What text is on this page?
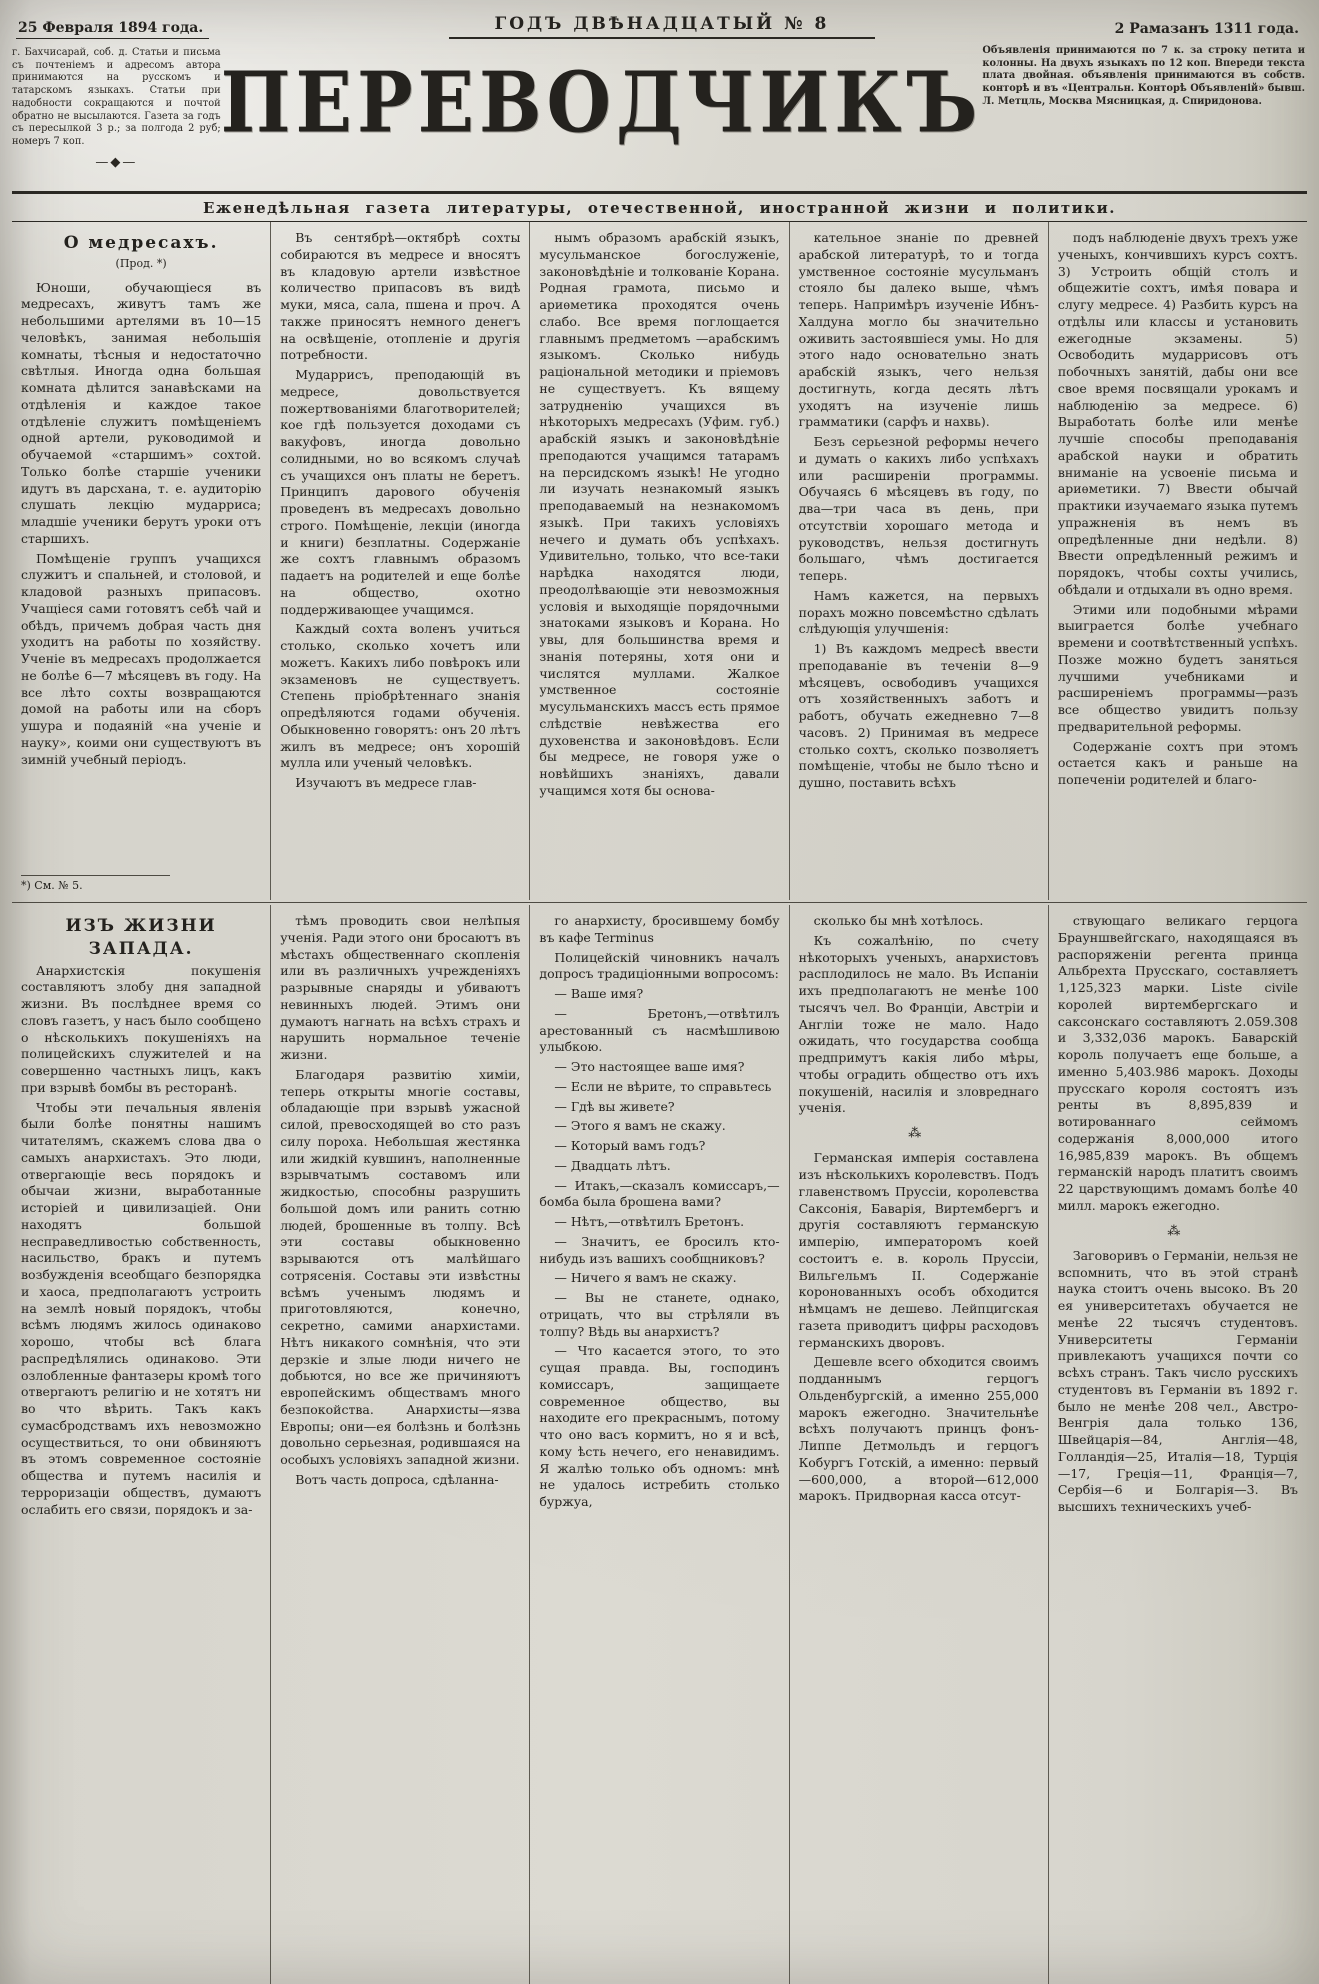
25 Февраля 1894 года.	ГОДЪ ДВѢНАДЦАТЫЙ № 8	2 Рамазанъ 1311 года.

г. Бахчисарай, соб. д. Статьи и письма съ почтеніемъ и адресомъ автора принимаются на русскомъ и татарскомъ языкахъ. Статьи при надобности сокращаются и почтой обратно не высылаются. Газета за годъ съ пересылкой 3 р.; за полгода 2 руб; номеръ 7 коп.

—◆—
ПЕРЕВОДЧИКЪ

Объявленія принимаются по 7 к. за строку петита и колонны. На двухъ языкахъ по 12 коп. Впереди текста плата двойная. объявленія принимаются въ собств. конторѣ и въ «Центральн. Конторѣ Объявленій» бывш. Л. Метцль, Москва Мясницкая, д. Спиридонова.

Еженедѣльная газета литературы, отечественной, иностранной жизни и политики.
О медресахъ.
(Прод. *)

Юноши, обучающіеся въ медресахъ, живутъ тамъ же небольшими артелями въ 10—15 человѣкъ, занимая небольшія комнаты, тѣсныя и недостаточно свѣтлыя. Иногда одна большая комната дѣлится занавѣсками на отдѣленія и каждое такое отдѣленіе служитъ помѣщеніемъ одной артели, руководимой и обучаемой «старшимъ» сохтой. Только болѣе старшіе ученики идутъ въ дарсхана, т. е. аудиторію слушать лекцію мударриса; младшіе ученики берутъ уроки отъ старшихъ.

Помѣщеніе группъ учащихся служитъ и спальней, и столовой, и кладовой разныхъ припасовъ. Учащіеся сами готовятъ себѣ чай и обѣдъ, причемъ добрая часть дня уходитъ на работы по хозяйству. Ученіе въ медресахъ продолжается не болѣе 6—7 мѣсяцевъ въ году. На все лѣто сохты возвращаются домой на работы или на сборъ ушура и подаяній «на ученіе и науку», коими они существуютъ въ зимній учебный періодъ.

*) См. № 5.

Въ сентябрѣ—октябрѣ сохты собираются въ медресе и вносятъ въ кладовую артели извѣстное количество припасовъ въ видѣ муки, мяса, сала, пшена и проч. А также приносятъ немного денегъ на освѣщеніе, отопленіе и другія потребности.

Мударрисъ, преподающій въ медресе, довольствуется пожертвованіями благотворителей; кое гдѣ пользуется доходами съ вакуфовъ, иногда довольно солидными, но во всякомъ случаѣ съ учащихся онъ платы не беретъ. Принципъ дарового обученія проведенъ въ медресахъ довольно строго. Помѣщеніе, лекціи (иногда и книги) безплатны. Содержаніе же сохтъ главнымъ образомъ падаетъ на родителей и еще болѣе на общество, охотно поддерживающее учащимся.

Каждый сохта воленъ учиться столько, сколько хочетъ или можетъ. Какихъ либо повѣрокъ или экзаменовъ не существуетъ. Степень пріобрѣтеннаго знанія опредѣляются годами обученія. Обыкновенно говорятъ: онъ 20 лѣтъ жилъ въ медресе; онъ хорошій мулла или ученый человѣкъ.

Изучаютъ въ медресе глав-

нымъ образомъ арабскій языкъ, мусульманское богослуженіе, законовѣдѣніе и толкованіе Корана. Родная грамота, письмо и ариѳметика проходятся очень слабо. Все время поглощается главнымъ предметомъ —арабскимъ языкомъ. Сколько нибудь раціональной методики и пріемовъ не существуетъ. Къ вящему затрудненію учащихся въ нѣкоторыхъ медресахъ (Уфим. губ.) арабскій языкъ и законовѣдѣніе преподаются учащимся татарамъ на персидскомъ языкѣ! Не угодно ли изучать незнакомый языкъ преподаваемый на незнакомомъ языкѣ. При такихъ условіяхъ нечего и думать объ успѣхахъ. Удивительно, только, что все-таки нарѣдка находятся люди, преодолѣвающіе эти невозможныя условія и выходящіе порядочными знатоками языковъ и Корана. Но увы, для большинства время и знанія потеряны, хотя они и числятся муллами. Жалкое умственное состояніе мусульманскихъ массъ есть прямое слѣдствіе невѣжества его духовенства и законовѣдовъ. Если бы медресе, не говоря уже о новѣйшихъ знаніяхъ, давали учащимся хотя бы основа-

кательное знаніе по древней арабской литературѣ, то и тогда умственное состояніе мусульманъ стояло бы далеко выше, чѣмъ теперь. Напримѣръ изученіе Ибнъ-Халдуна могло бы значительно оживить застоявшіеся умы. Но для этого надо основательно знать арабскій языкъ, чего нельзя достигнуть, когда десять лѣтъ уходятъ на изученіе лишь грамматики (сарфъ и нахвь).

Безъ серьезной реформы нечего и думать о какихъ либо успѣхахъ или расширеніи программы. Обучаясь 6 мѣсяцевъ въ году, по два—три часа въ день, при отсутствіи хорошаго метода и руководствъ, нельзя достигнуть большаго, чѣмъ достигается теперь.

Намъ кажется, на первыхъ порахъ можно повсемѣстно сдѣлать слѣдующія улучшенія:

1) Въ каждомъ медресѣ ввести преподаваніе въ теченіи 8—9 мѣсяцевъ, освободивъ учащихся отъ хозяйственныхъ заботъ и работъ, обучать ежедневно 7—8 часовъ. 2) Принимая въ медресе столько сохтъ, сколько позволяетъ помѣщеніе, чтобы не было тѣсно и душно, поставить всѣхъ

подъ наблюденіе двухъ трехъ уже ученыхъ, кончившихъ курсъ сохтъ. 3) Устроить общій столъ и общежитіе сохтъ, имѣя повара и слугу медресе. 4) Разбить курсъ на отдѣлы или классы и установить ежегодные экзамены. 5) Освободить мударрисовъ отъ побочныхъ занятій, дабы они все свое время посвящали урокамъ и наблюденію за медресе. 6) Выработать болѣе или менѣе лучшіе способы преподаванія арабской науки и обратить вниманіе на усвоеніе письма и ариѳметики. 7) Ввести обычай практики изучаемаго языка путемъ упражненія въ немъ въ опредѣленные дни недѣли. 8) Ввести опредѣленный режимъ и порядокъ, чтобы сохты учились, обѣдали и отдыхали въ одно время.

Этими или подобными мѣрами выиграется болѣе учебнаго времени и соотвѣтственный успѣхъ. Позже можно будетъ заняться лучшими учебниками и расширеніемъ программы—разъ все общество увидитъ пользу предварительной реформы.

Содержаніе сохтъ при этомъ остается какъ и раньше на попеченіи родителей и благо-

ИЗЪ ЖИЗНИ ЗАПАДА.

Анархистскія покушенія составляютъ злобу дня западной жизни. Въ послѣднее время со словъ газетъ, у насъ было сообщено о нѣсколькихъ покушеніяхъ на полицейскихъ служителей и на совершенно частныхъ лицъ, какъ при взрывѣ бомбы въ ресторанѣ.

Чтобы эти печальныя явленія были болѣе понятны нашимъ читателямъ, скажемъ слова два о самыхъ анархистахъ. Это люди, отвергающіе весь порядокъ и обычаи жизни, выработанные исторіей и цивилизаціей. Они находятъ большой несправедливостью собственность, насильство, бракъ и путемъ возбужденія всеобщаго безпорядка и хаоса, предполагаютъ устроить на землѣ новый порядокъ, чтобы всѣмъ людямъ жилось одинаково хорошо, чтобы всѣ блага распредѣлялись одинаково. Эти озлобленные фантазеры кромѣ того отвергаютъ религію и не хотятъ ни во что вѣрить. Такъ какъ сумасбродствамъ ихъ невозможно осуществиться, то они обвиняютъ въ этомъ современное состояніе общества и путемъ насилія и терроризаціи обществъ, думаютъ ослабить его связи, порядокъ и за-

тѣмъ проводить свои нелѣпыя ученія. Ради этого они бросаютъ въ мѣстахъ общественнаго скопленія или въ различныхъ учрежденіяхъ разрывные снаряды и убиваютъ невинныхъ людей. Этимъ они думаютъ нагнать на всѣхъ страхъ и нарушить нормальное теченіе жизни.

Благодаря развитію химіи, теперь открыты многіе составы, обладающіе при взрывѣ ужасной силой, превосходящей во сто разъ силу пороха. Небольшая жестянка или жидкій кувшинъ, наполненные взрывчатымъ составомъ или жидкостью, способны разрушить большой домъ или ранить сотню людей, брошенные въ толпу. Всѣ эти составы обыкновенно взрываются отъ малѣйшаго сотрясенія. Составы эти извѣстны всѣмъ ученымъ людямъ и приготовляются, конечно, секретно, самими анархистами. Нѣтъ никакого сомнѣнія, что эти дерзкіе и злые люди ничего не добьются, но все же причиняютъ европейскимъ обществамъ много безпокойства. Анархисты—язва Европы; они—ея болѣзнь и болѣзнь довольно серьезная, родившаяся на особыхъ условіяхъ западной жизни.

Вотъ часть допроса, сдѣланна-

го анархисту, бросившему бомбу въ кафе Terminus

Полицейскій чиновникъ началъ допросъ традиціонными вопросомъ:

— Ваше имя?

— Бретонъ,—отвѣтилъ арестованный съ насмѣшливою улыбкою.

— Это настоящее ваше имя?

— Если не вѣрите, то справьтесь

— Гдѣ вы живете?

— Этого я вамъ не скажу.

— Который вамъ годъ?

— Двадцать лѣтъ.

— Итакъ,—сказалъ комиссаръ,—бомба была брошена вами?

— Нѣтъ,—отвѣтилъ Бретонъ.

— Значитъ, ее бросилъ кто-нибудь изъ вашихъ сообщниковъ?

— Ничего я вамъ не скажу.

— Вы не станете, однако, отрицать, что вы стрѣляли въ толпу? Вѣдь вы анархистъ?

— Что касается этого, то это сущая правда. Вы, господинъ комиссаръ, защищаете современное общество, вы находите его прекраснымъ, потому что оно васъ кормитъ, но я и всѣ, кому ѣсть нечего, его ненавидимъ. Я жалѣю только объ одномъ: мнѣ не удалось истребить столько буржуа,

сколько бы мнѣ хотѣлось.

Къ сожалѣнію, по счету нѣкоторыхъ ученыхъ, анархистовъ расплодилось не мало. Въ Испаніи ихъ предполагаютъ не менѣе 100 тысячъ чел. Во Франціи, Австріи и Англіи тоже не мало. Надо ожидать, что государства сообща предпримутъ какія либо мѣры, чтобы оградить общество отъ ихъ покушеній, насилія и зловреднаго ученія.

⁂

Германская имперія составлена изъ нѣсколькихъ королевствъ. Подъ главенствомъ Пруссіи, королевства Саксонія, Баварія, Виртембергъ и другія составляютъ германскую имперію, императоромъ коей состоитъ е. в. король Пруссіи, Вильгельмъ II. Содержаніе коронованныхъ особъ обходится нѣмцамъ не дешево. Лейпцигская газета приводитъ цифры расходовъ германскихъ дворовъ.

Дешевле всего обходится своимъ подданнымъ герцогъ Ольденбургскій, а именно 255,000 марокъ ежегодно. Значительнѣе всѣхъ получаютъ принцъ фонъ-Липпе Детмольдъ и герцогъ Кобургъ Готскій, а именно: первый —600,000, а второй—612,000 марокъ. Придворная касса отсут-

ствующаго великаго герцога Брауншвейгскаго, находящаяся въ распоряженіи регента принца Альбрехта Прусскаго, составляетъ 1,125,323 марки. Liste civile королей виртембергскаго и саксонскаго составляютъ 2.059.308 и 3,332,036 марокъ. Баварскій король получаетъ еще больше, а именно 5,403.986 марокъ. Доходы прусскаго короля состоятъ изъ ренты въ 8,895,839 и вотированнаго сеймомъ содержанія 8,000,000 итого 16,985,839 марокъ. Въ общемъ германскій народъ платитъ своимъ 22 царствующимъ домамъ болѣе 40 милл. марокъ ежегодно.

⁂

Заговоривъ о Германіи, нельзя не вспомнить, что въ этой странѣ наука стоитъ очень высоко. Въ 20 ея университетахъ обучается не менѣе 22 тысячъ студентовъ. Университеты Германіи привлекаютъ учащихся почти со всѣхъ странъ. Такъ число русскихъ студентовъ въ Германіи въ 1892 г. было не менѣе 208 чел., Австро-Венгрія дала только 136, Швейцарія—84, Англія—48, Голландія—25, Италія—18, Турція—17, Греція—11, Франція—7, Сербія—6 и Болгарія—3. Въ высшихъ техническихъ учеб-
